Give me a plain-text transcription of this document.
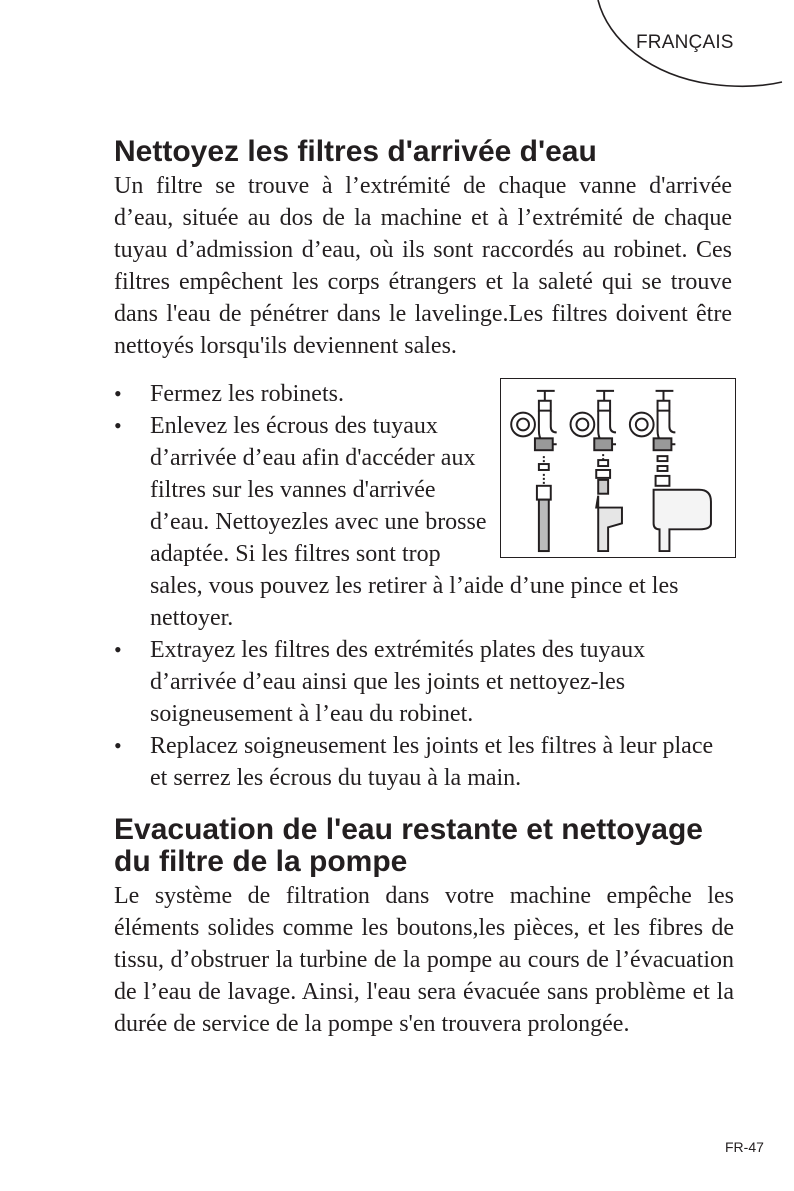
FRANÇAIS
Nettoyez les filtres d'arrivée d'eau

Un filtre se trouve à l’extrémité de chaque vanne d'arrivée d’eau, située au dos de la machine et à l’extrémité de chaque tuyau d’admission d’eau, où ils sont raccordés au robinet. Ces filtres empêchent les corps étrangers et la saleté qui se trouve dans l'eau de pénétrer dans le lavelinge.Les filtres doivent être nettoyés lorsqu'ils deviennent sales.

• Fermez les robinets.
• Enlevez les écrous des tuyaux d’arrivée d’eau afin d'accéder aux filtres sur les vannes d'arrivée d’eau. Nettoyezles avec une brosse adaptée. Si les filtres sont trop sales, vous pouvez les retirer à l’aide d’une pince et les nettoyer.
• Extrayez les filtres des extrémités plates des tuyaux d’arrivée d’eau ainsi que les joints et nettoyez-les soigneusement à l’eau du robinet.
• Replacez soigneusement les joints et les filtres à leur place et serrez les écrous du tuyau à la main.
Evacuation de l'eau restante et nettoyage du filtre de la pompe

Le système de filtration dans votre machine empêche les éléments solides comme les boutons,les pièces, et les fibres de tissu, d’obstruer la turbine de la pompe au cours de l’évacuation de l’eau de lavage. Ainsi, l'eau sera évacuée sans problème et la durée de service de la pompe s'en trouvera prolongée.

FR-47
